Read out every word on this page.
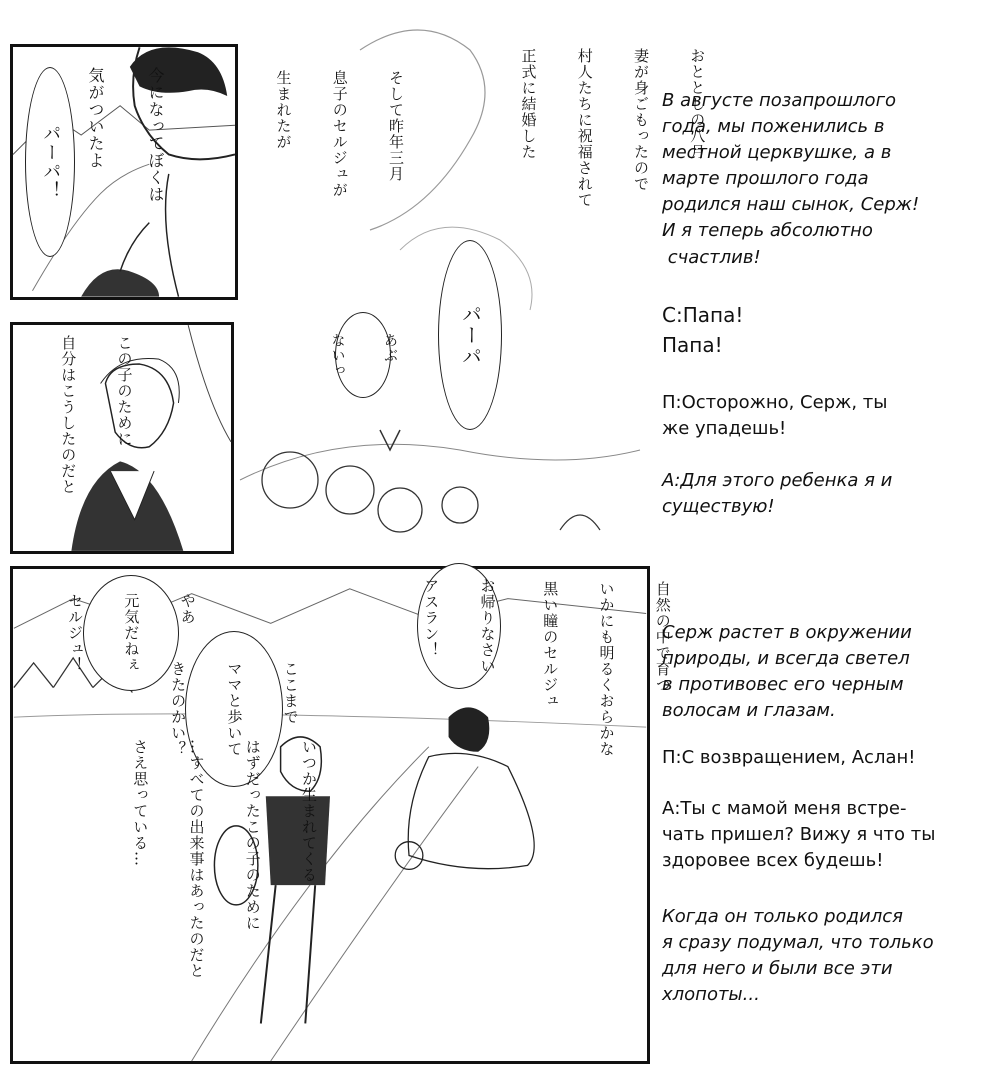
今になってぼくは

気がついたよ

パーパ！

おととしの八月

妻が身ごもったので

村人たちに祝福されて

正式に結婚した

そして昨年三月

息子のセルジュが

生まれたが

パーパ

あぶ

ないっ

この子のために

自分はこうしたのだと

自然の中で育つ

いかにも明るくおらかな

黒い瞳のセルジュ

お帰りなさい

アスラン！

やあ

元気だねぇ

セルジュ！

ここまで

ママと歩いて

きたのかい？

いつか生まれてくる

はずだったこの子のために

…すべての出来事はあったのだと

さえ思っている…

В августе позапрошлого

года, мы поженились в

местной церквушке, а в

марте прошлого года

родился наш сынок, Серж!

И я теперь абсолютно

счастлив!

С:Папа!

Папа!

П:Осторожно, Серж, ты

же упадешь!

А:Для этого ребенка я и

существую!

Серж растет в окружении

природы, и всегда светел

в противовес его черным

волосам и глазам.

П:С возвращением, Аслан!

А:Ты с мамой меня встре-

чать пришел? Вижу я что ты

здоровее всех будешь!

Когда он только родился

я сразу подумал, что только

для него и были все эти

хлопоты...
